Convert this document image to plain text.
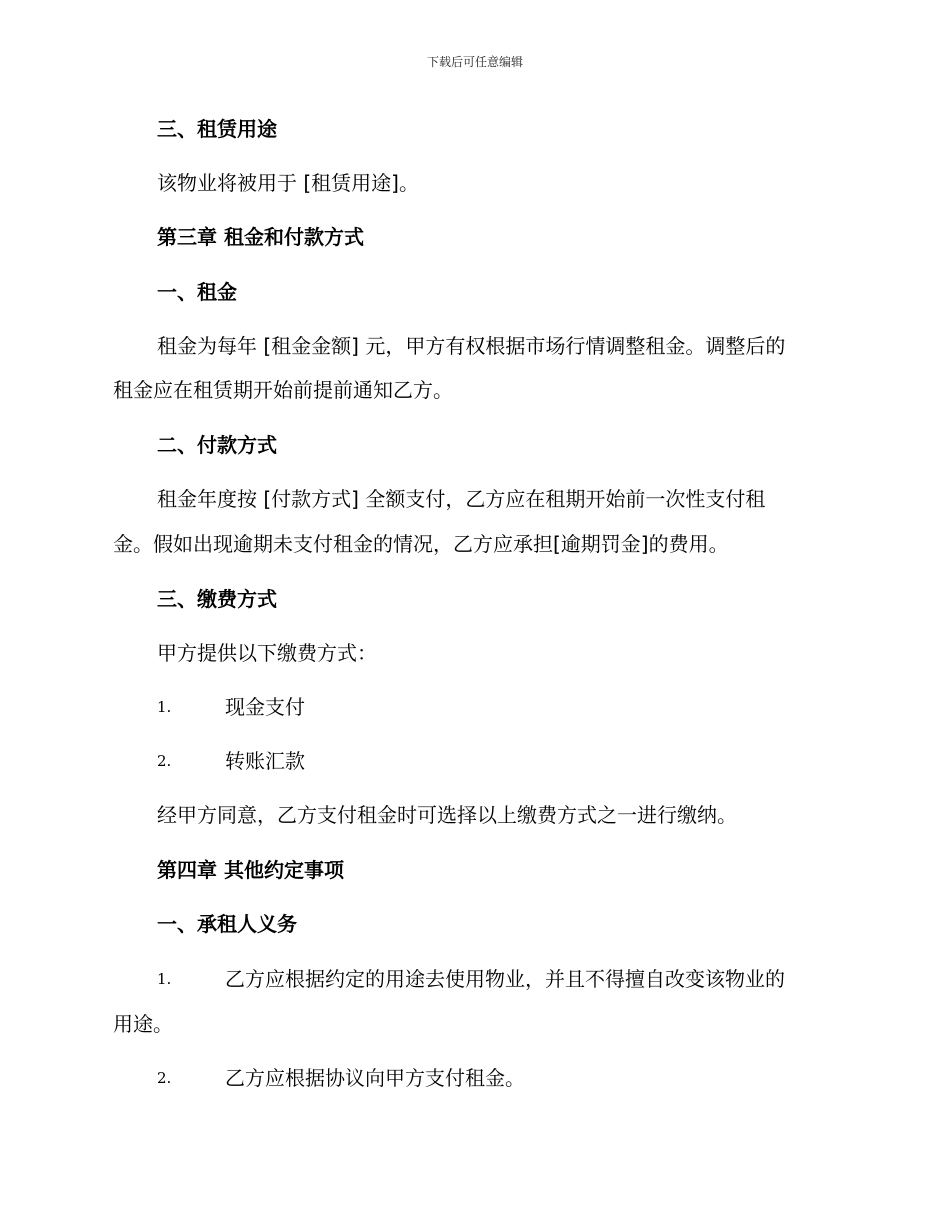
下载后可任意编辑
三、租赁用途
该物业将被用于 [租赁用途]。
第三章 租金和付款方式
一、租金
租金为每年 [租金金额] 元，甲方有权根据市场行情调整租金。调整后的
租金应在租赁期开始前提前通知乙方。
二、付款方式
租金年度按 [付款方式] 全额支付，乙方应在租期开始前一次性支付租
金。假如出现逾期未支付租金的情况，乙方应承担[逾期罚金]的费用。
三、缴费方式
甲方提供以下缴费方式：
1.	现金支付
2.	转账汇款
经甲方同意，乙方支付租金时可选择以上缴费方式之一进行缴纳。
第四章 其他约定事项
一、承租人义务
1.	乙方应根据约定的用途去使用物业，并且不得擅自改变该物业的
用途。
2.	乙方应根据协议向甲方支付租金。
